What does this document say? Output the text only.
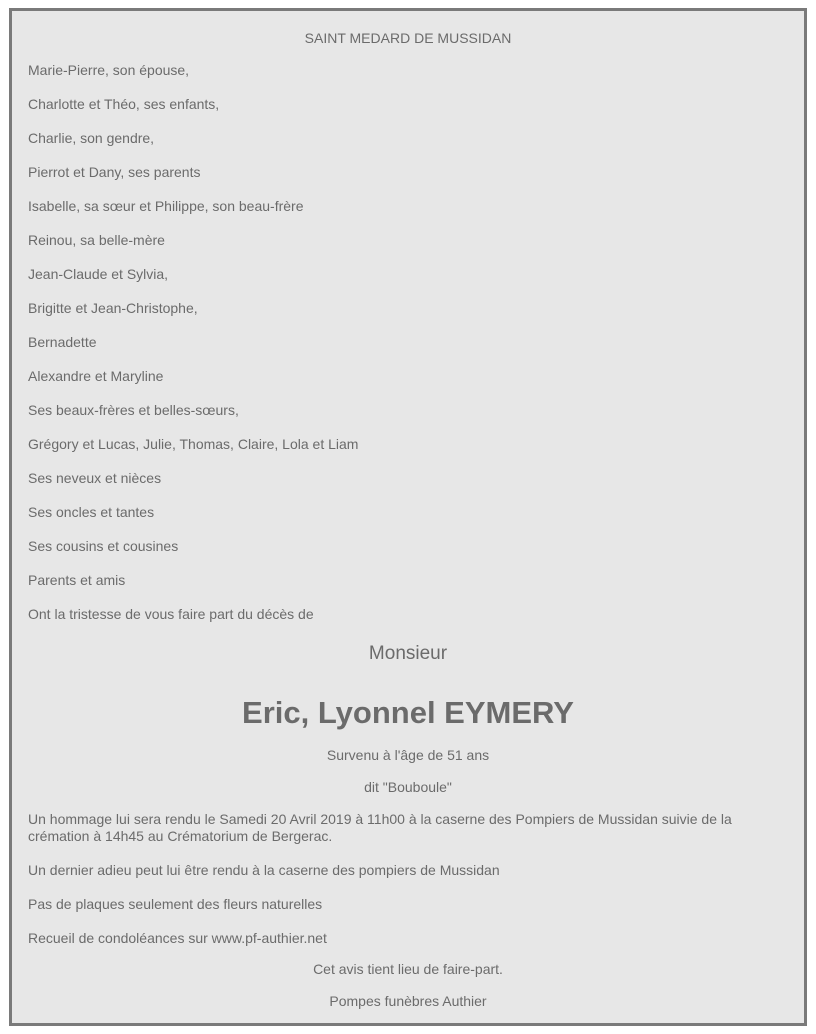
SAINT MEDARD DE MUSSIDAN
Marie-Pierre, son épouse,
Charlotte et Théo, ses enfants,
Charlie, son gendre,
Pierrot et Dany, ses parents
Isabelle, sa sœur et Philippe, son beau-frère
Reinou, sa belle-mère
Jean-Claude et Sylvia,
Brigitte et Jean-Christophe,
Bernadette
Alexandre et Maryline
Ses beaux-frères et belles-sœurs,
Grégory et Lucas, Julie, Thomas, Claire, Lola et Liam
Ses neveux et nièces
Ses oncles et tantes
Ses cousins et cousines
Parents et amis
Ont la tristesse de vous faire part du décès de
Monsieur
Eric, Lyonnel EYMERY
Survenu à l'âge de 51 ans
dit "Bouboule"
Un hommage lui sera rendu le Samedi 20 Avril 2019 à 11h00 à la caserne des Pompiers de Mussidan suivie de la crémation à 14h45 au Crématorium de Bergerac.
Un dernier adieu peut lui être rendu à la caserne des pompiers de Mussidan
Pas de plaques seulement des fleurs naturelles
Recueil de condoléances sur www.pf-authier.net
Cet avis tient lieu de faire-part.
Pompes funèbres Authier
